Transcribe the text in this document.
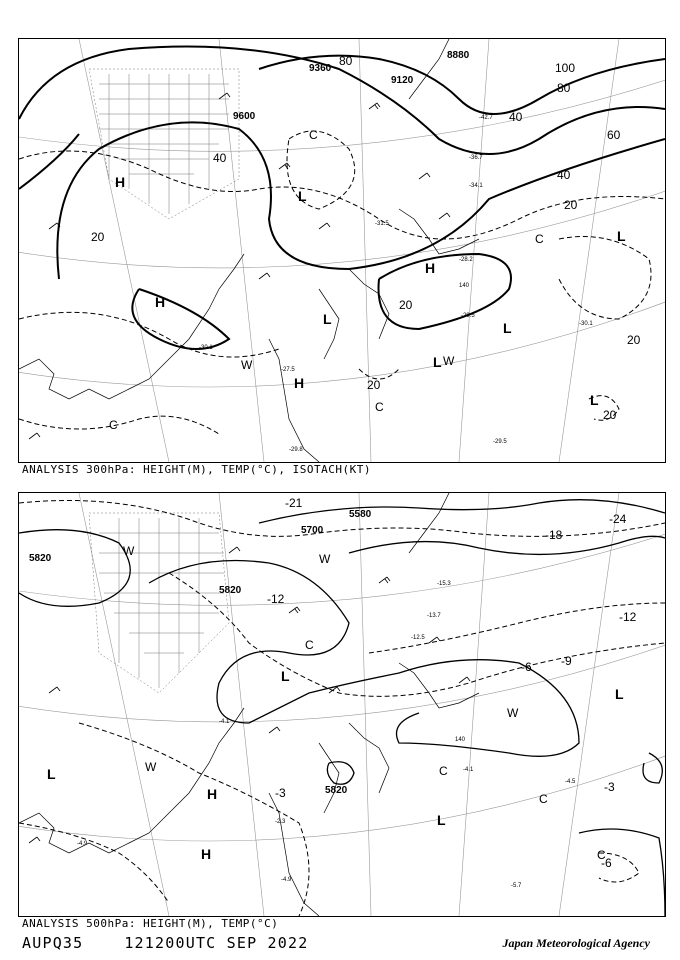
8880
9120
9360
9600
20
20
20
20
20
20
40
40
40
60
80
80
100
H
H
H
H
L
L
L
L
L
L
W	W
C
C
C
C
-29.5
-30.1
-28.2
-31.5
-27.5
-29.8
-42.7
-36.7
-34.1
-29.5
-30.1
140
ANALYSIS 300hPa: HEIGHT(M), TEMP(°C), ISOTACH(KT)
5580
5700
5820
5820
5820	-3
-3
-6
-6
-9
-12
-12
-18
-21
-24
H
H
L
L
L
L
W
W
W
W	C
C
C
C
-4.1
-4.5
-5.7
-2.3
-4.9
-13.7
-12.5
-15.3
-4.1
-4.9
140
ANALYSIS 500hPa: HEIGHT(M), TEMP(°C)
AUPQ35	121200UTC SEP 2022	Japan Meteorological Agency
